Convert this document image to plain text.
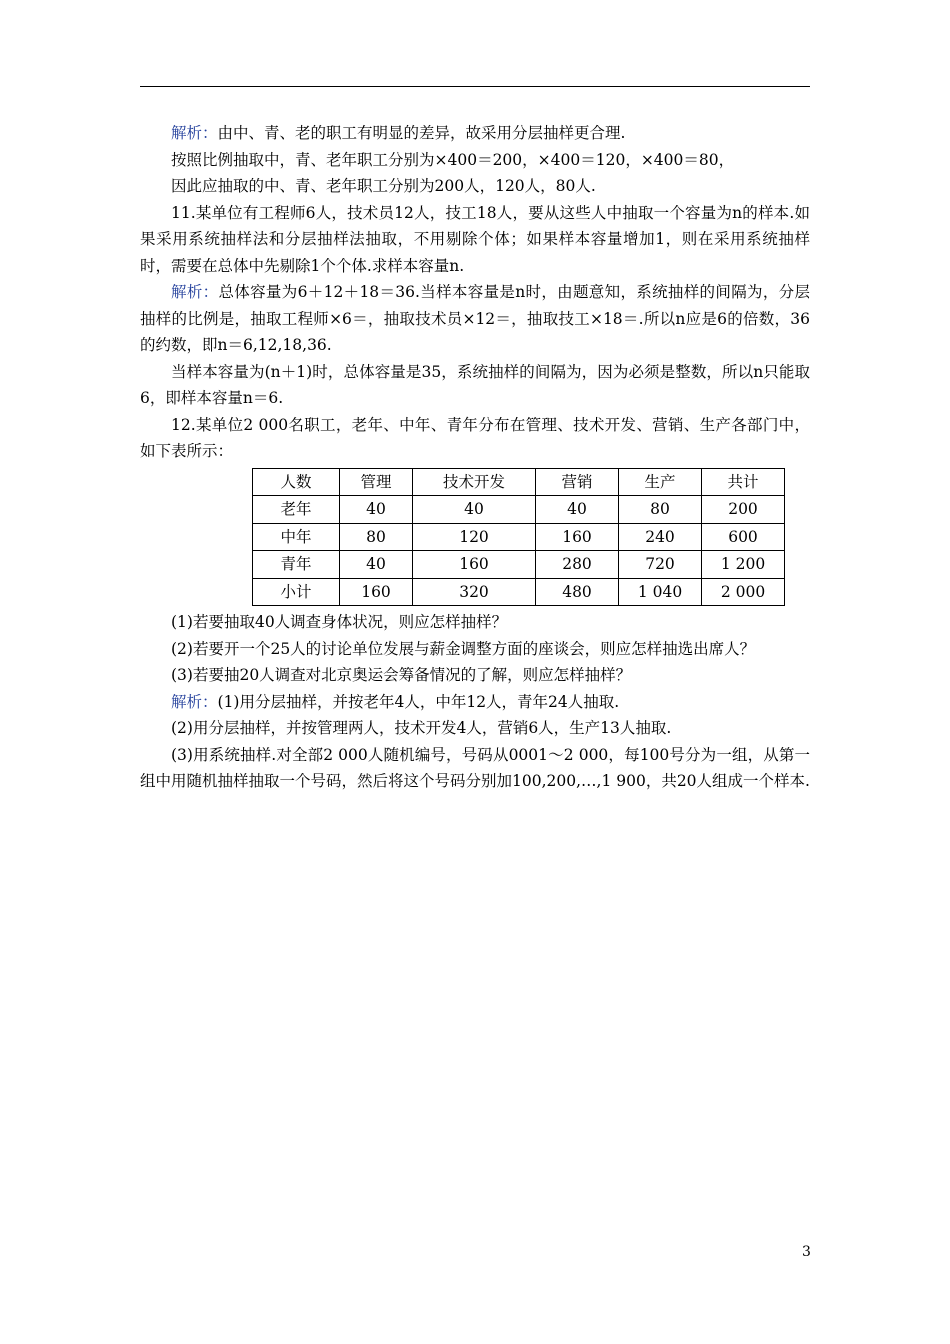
解析：由中、青、老的职工有明显的差异，故采用分层抽样更合理.

按照比例抽取中，青、老年职工分别为×400＝200，×400＝120，×400＝80，

因此应抽取的中、青、老年职工分别为200人，120人，80人.

11.某单位有工程师6人，技术员12人，技工18人，要从这些人中抽取一个容量为n的样本.如果采用系统抽样法和分层抽样法抽取，不用剔除个体；如果样本容量增加1，则在采用系统抽样时，需要在总体中先剔除1个个体.求样本容量n.

解析：总体容量为6＋12＋18＝36.当样本容量是n时，由题意知，系统抽样的间隔为，分层抽样的比例是，抽取工程师×6＝，抽取技术员×12＝，抽取技工×18＝.所以n应是6的倍数，36的约数，即n＝6,12,18,36.

当样本容量为(n＋1)时，总体容量是35，系统抽样的间隔为，因为必须是整数，所以n只能取6，即样本容量n＝6.

12.某单位2 000名职工，老年、中年、青年分布在管理、技术开发、营销、生产各部门中，如下表所示：

人数	管理	技术开发	营销	生产	共计
老年	40	40	40	80	200
中年	80	120	160	240	600
青年	40	160	280	720	1 200
小计	160	320	480	1 040	2 000

(1)若要抽取40人调查身体状况，则应怎样抽样？

(2)若要开一个25人的讨论单位发展与薪金调整方面的座谈会，则应怎样抽选出席人？

(3)若要抽20人调查对北京奥运会筹备情况的了解，则应怎样抽样？

解析：(1)用分层抽样，并按老年4人，中年12人，青年24人抽取.

(2)用分层抽样，并按管理两人，技术开发4人，营销6人，生产13人抽取.

(3)用系统抽样.对全部2 000人随机编号，号码从0001～2 000，每100号分为一组，从第一组中用随机抽样抽取一个号码，然后将这个号码分别加100,200,…,1 900，共20人组成一个样本.

3
